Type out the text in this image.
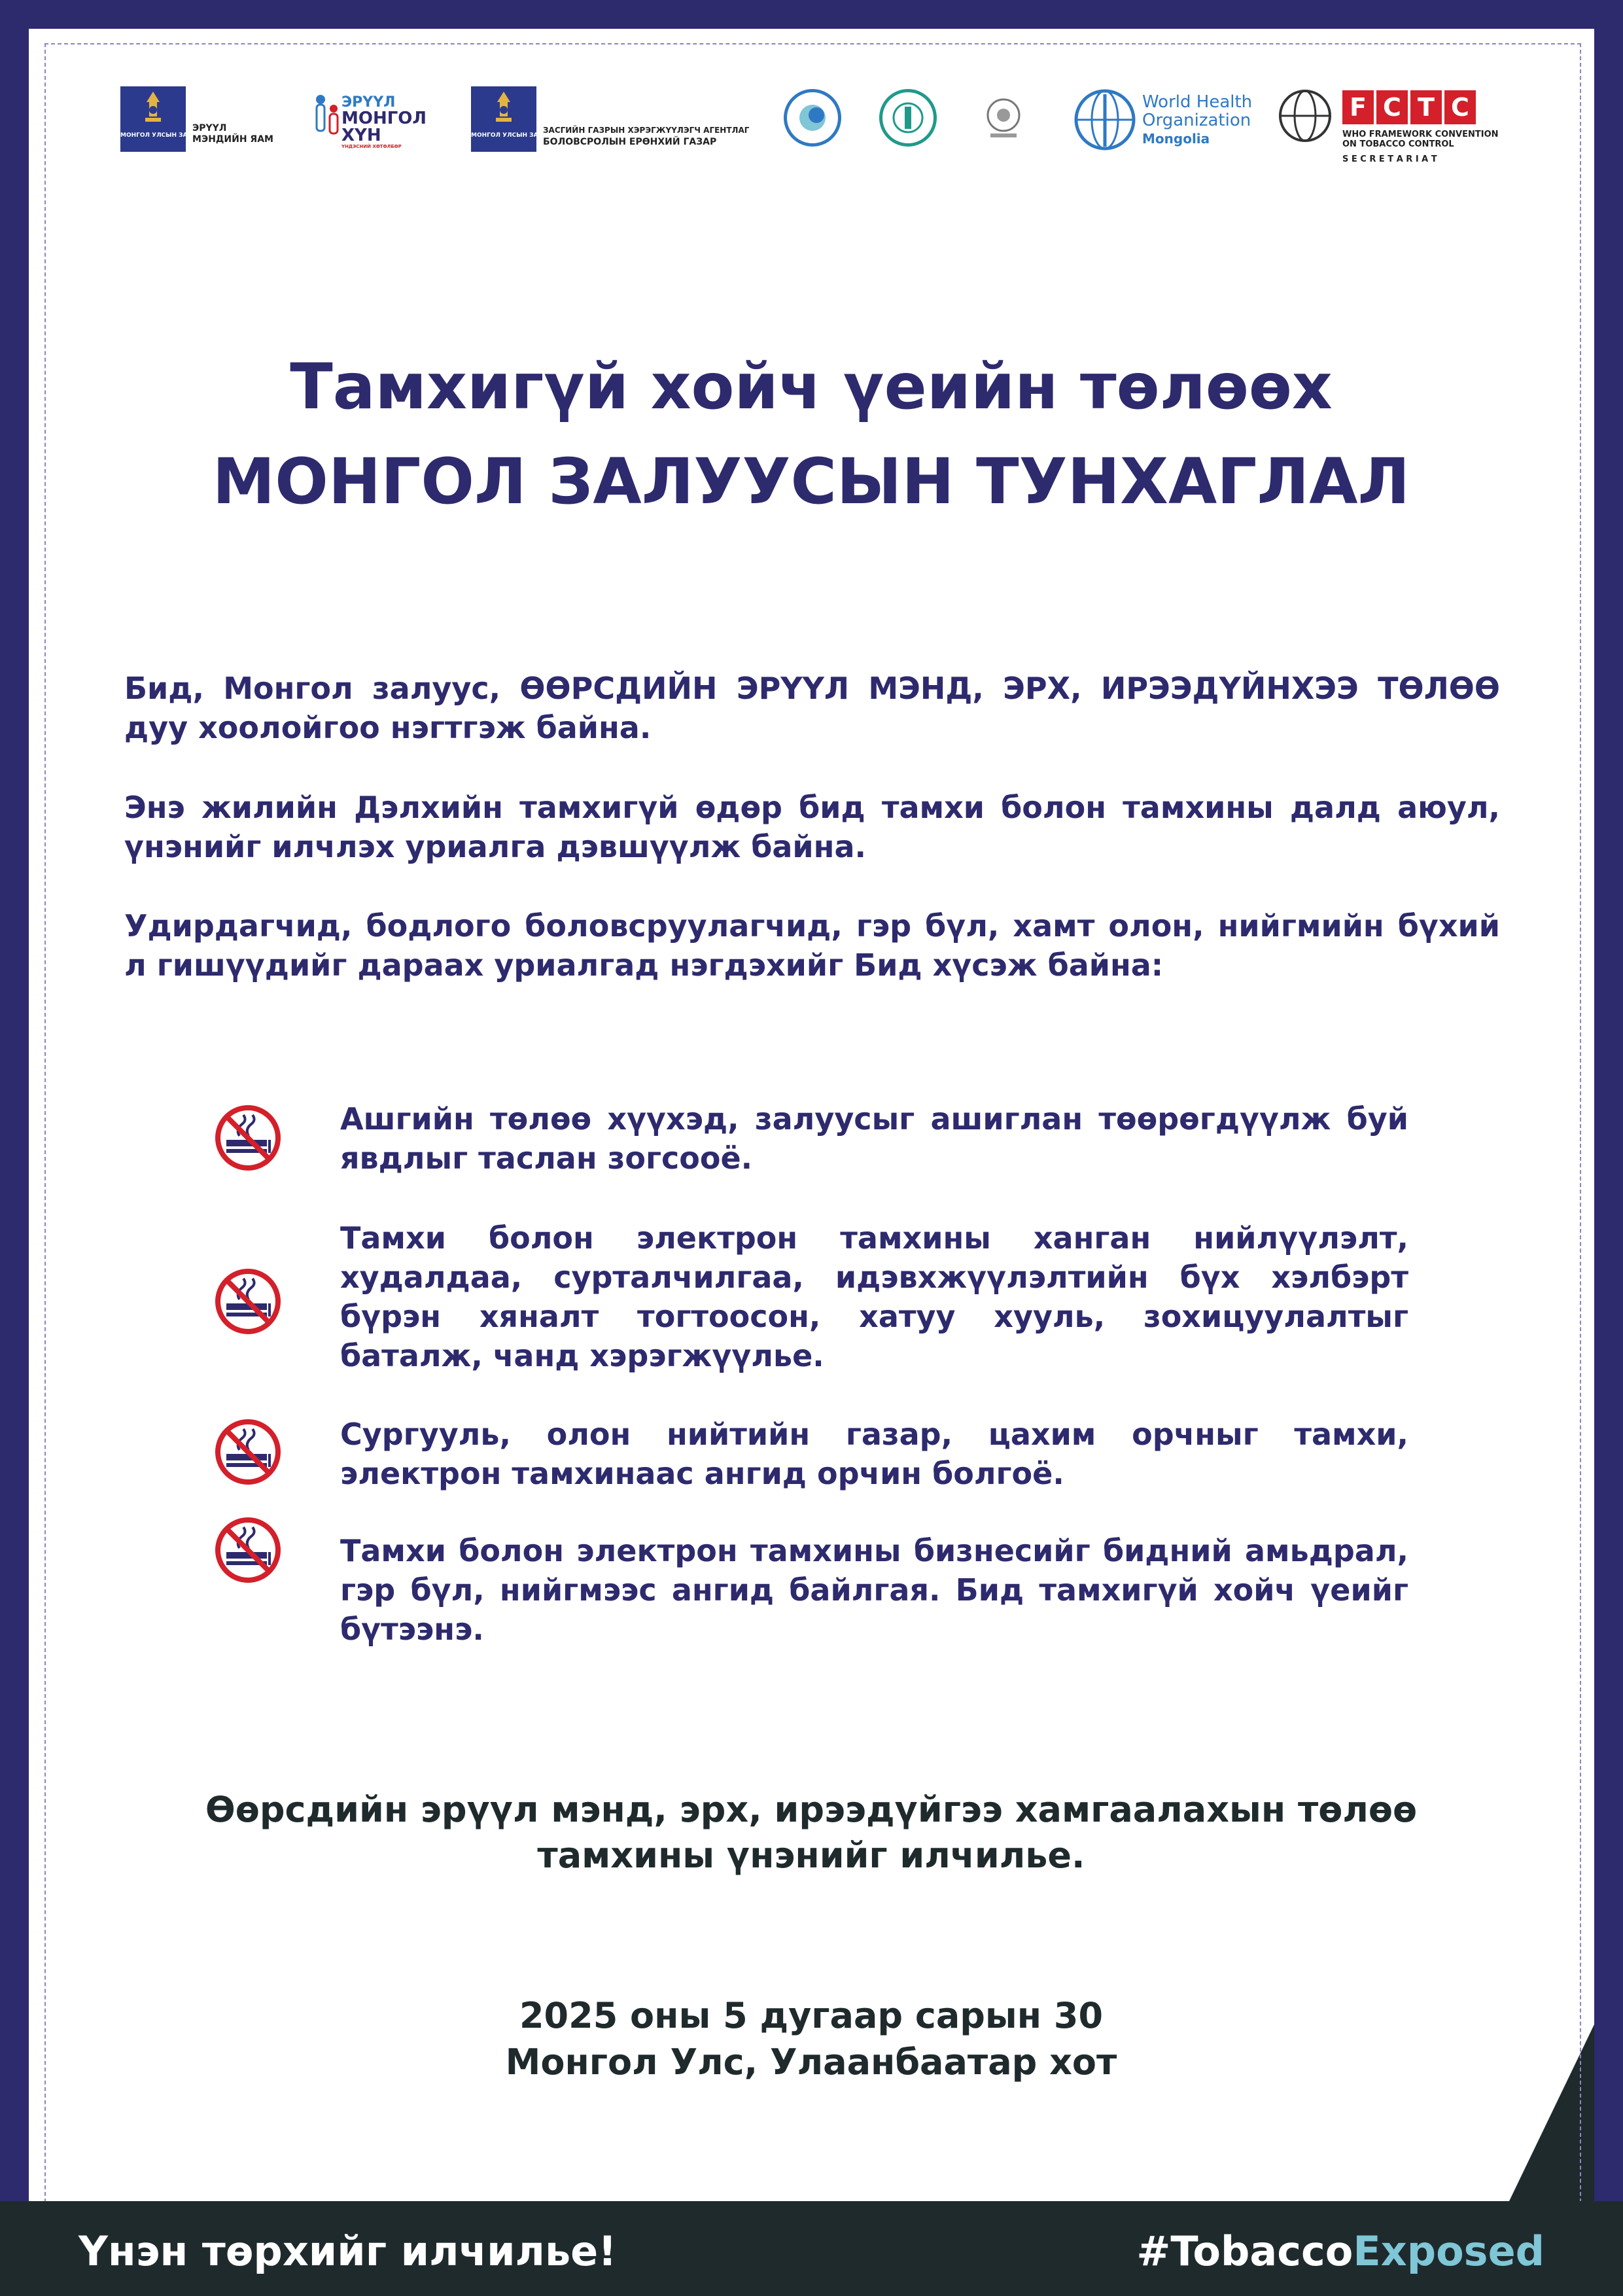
МОНГОЛ УЛСЫН ЗАСГИЙН ГАЗАР
ЭРҮҮЛ
МЭНДИЙН ЯАМ
ЭРҮҮЛ
МОНГОЛ
ХҮН
ҮНДЭСНИЙ ХӨТӨЛБӨР
МОНГОЛ УЛСЫН ЗАСГИЙН ГАЗАР
ЗАСГИЙН ГАЗРЫН ХЭРЭГЖҮҮЛЭГЧ АГЕНТЛАГ
БОЛОВСРОЛЫН ЕРӨНХИЙ ГАЗАР
World Health
Organization
Mongolia
F C T C
WHO FRAMEWORK CONVENTION
ON TOBACCO CONTROL
S E C R E T A R I A T
Тамхигүй хойч үеийн төлөөх
МОНГОЛ ЗАЛУУСЫН ТУНХАГЛАЛ
Бид, Монгол залуус, ӨӨРСДИЙН ЭРҮҮЛ МЭНД, ЭРХ, ИРЭЭДҮЙНХЭЭ ТӨЛӨӨ дуу хоолойгоо нэгтгэж байна.
Энэ жилийн Дэлхийн тамхигүй өдөр бид тамхи болон тамхины далд аюул, үнэнийг илчлэх уриалга дэвшүүлж байна.
Удирдагчид, бодлого боловсруулагчид, гэр бүл, хамт олон, нийгмийн бүхий л гишүүдийг дараах уриалгад нэгдэхийг Бид хүсэж байна:
Ашгийн төлөө хүүхэд, залуусыг ашиглан төөрөгдүүлж буй явдлыг таслан зогсооё.
Тамхи болон электрон тамхины ханган нийлүүлэлт, худалдаа, сурталчилгаа, идэвхжүүлэлтийн бүх хэлбэрт бүрэн хяналт тогтоосон, хатуу хууль, зохицуулалтыг баталж, чанд хэрэгжүүлье.
Сургууль, олон нийтийн газар, цахим орчныг тамхи, электрон тамхинаас ангид орчин болгоё.
Тамхи болон электрон тамхины бизнесийг бидний амьдрал, гэр бүл, нийгмээс ангид байлгая. Бид тамхигүй хойч үеийг бүтээнэ.
Өөрсдийн эрүүл мэнд, эрх, ирээдүйгээ хамгаалахын төлөө
тамхины үнэнийг илчилье.
2025 оны 5 дугаар сарын 30
Монгол Улс, Улаанбаатар хот
Үнэн төрхийг илчилье!	#TobaccoExposed
